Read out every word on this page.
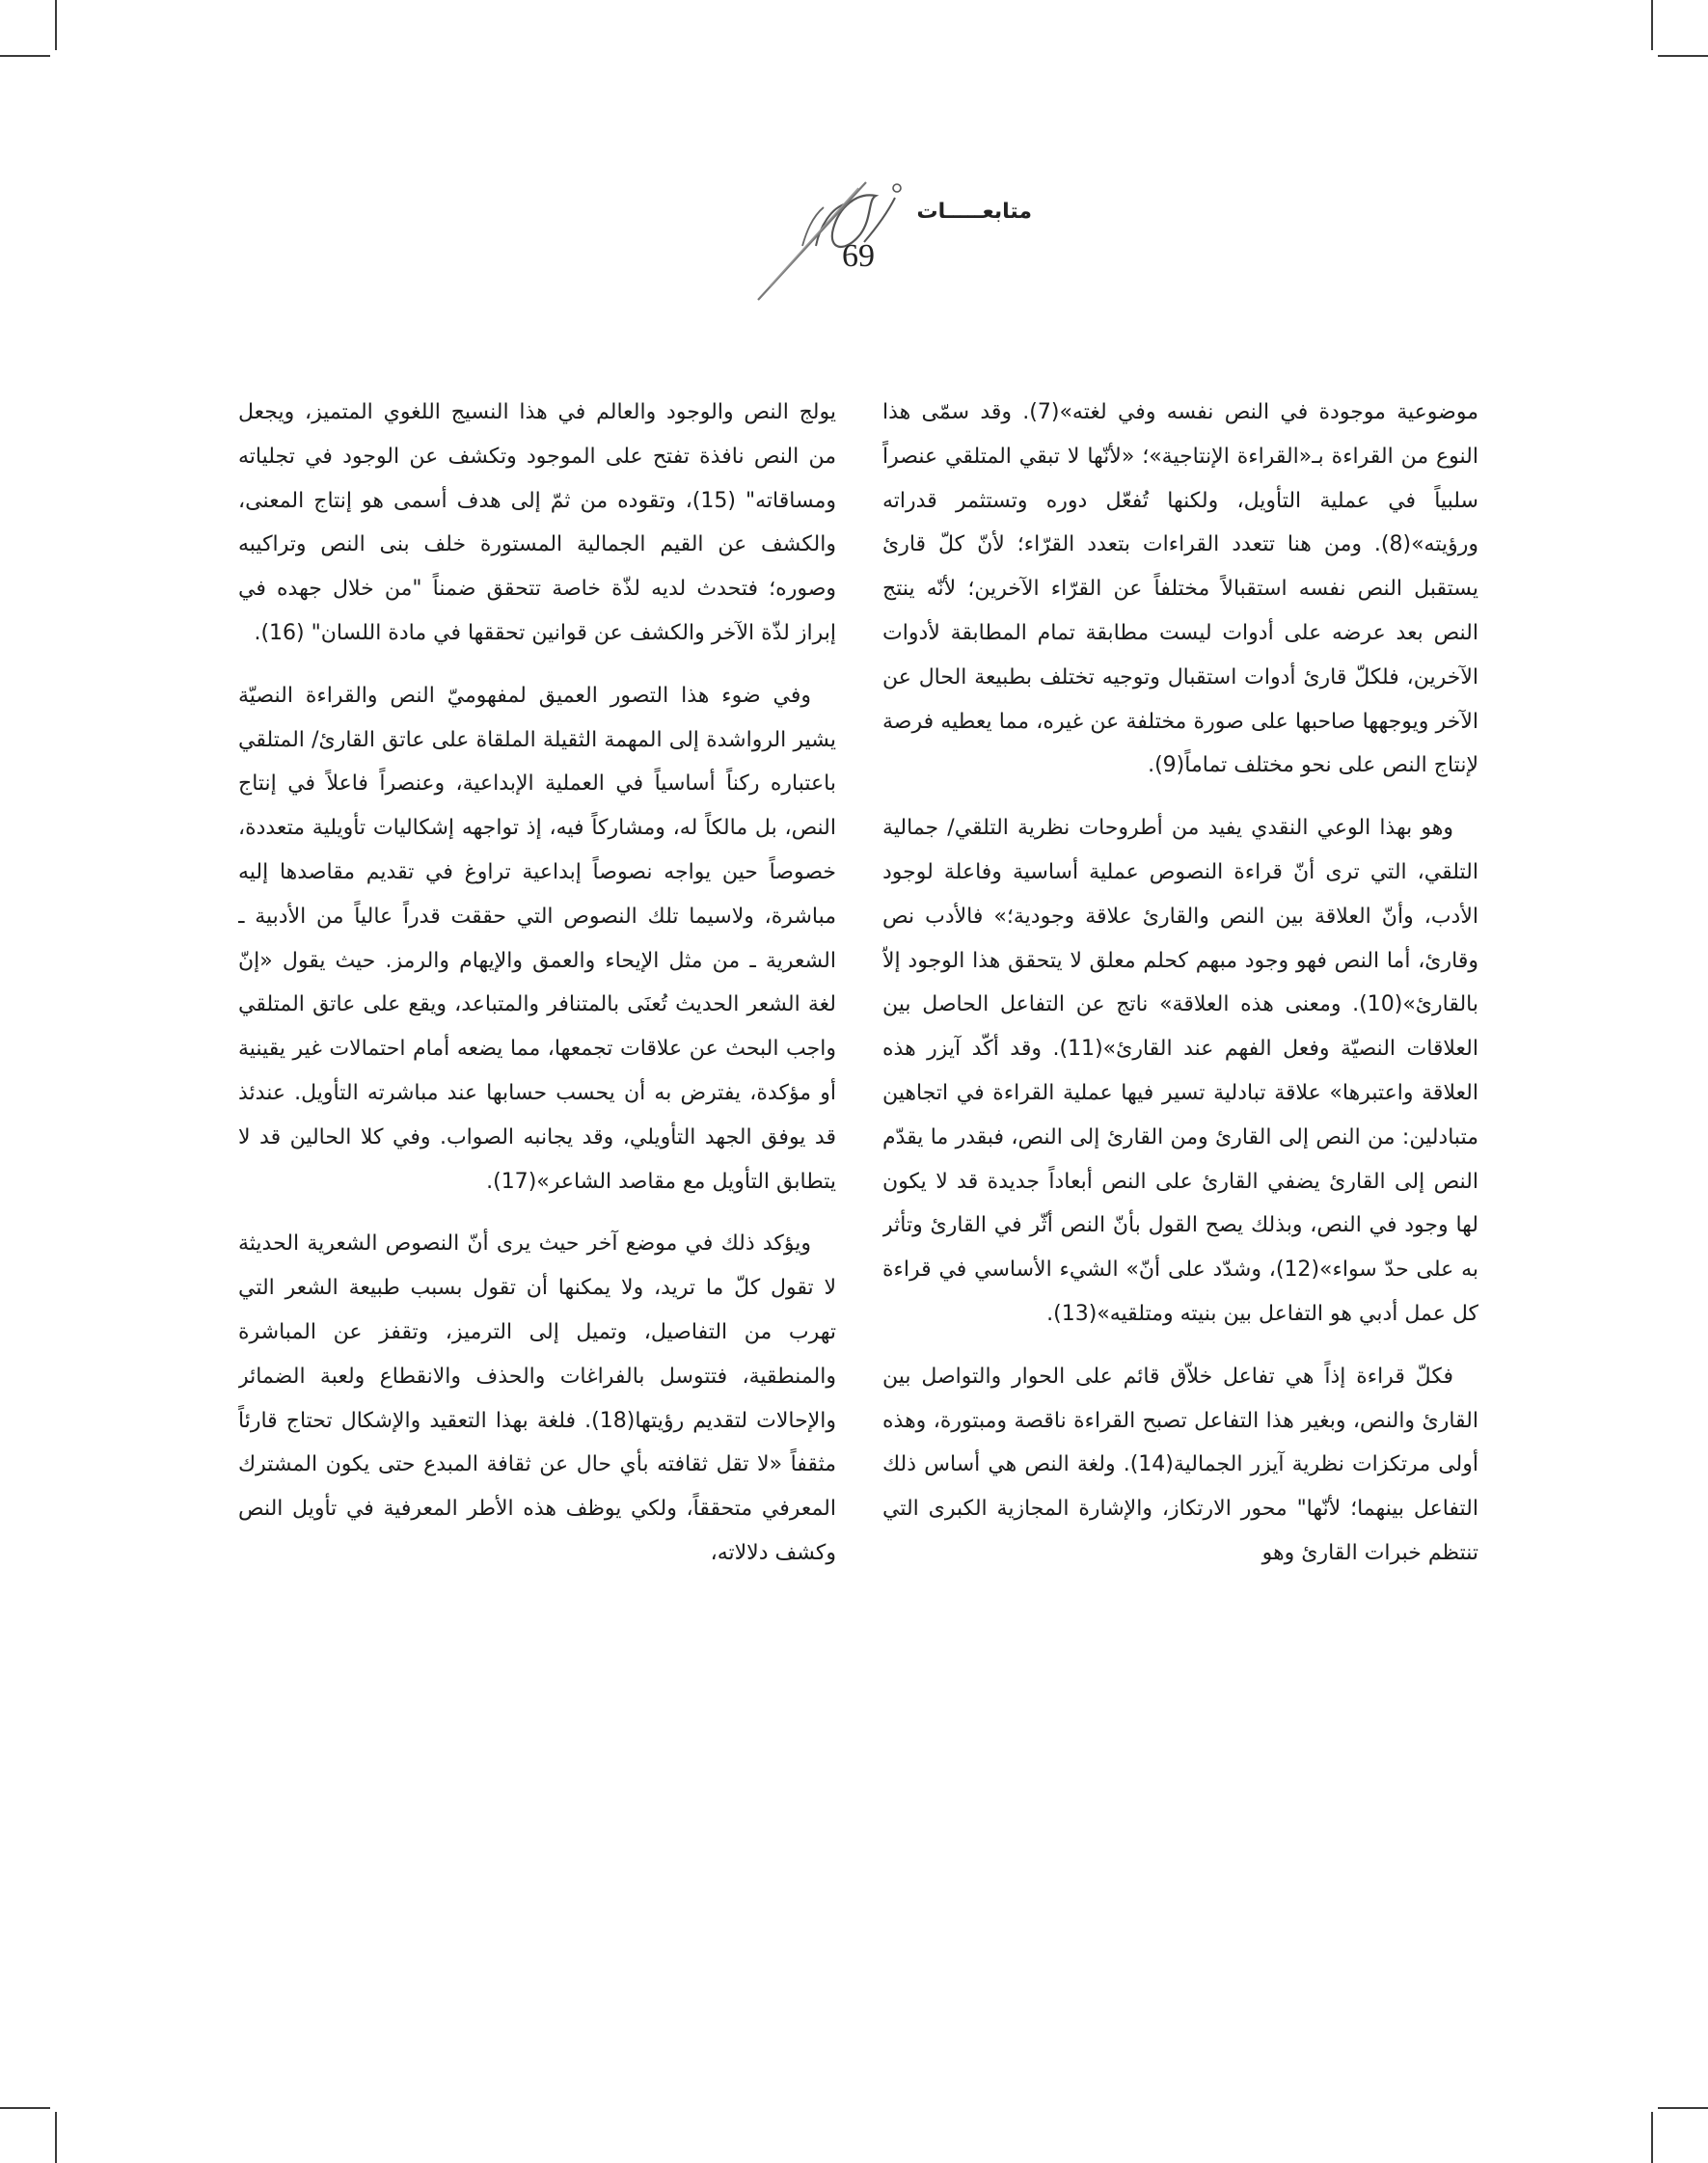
متابعـــــات
69

موضوعية موجودة في النص نفسه وفي لغته»(7). وقد سمّى هذا النوع من القراءة بـ«القراءة الإنتاجية»؛ «لأنّها لا تبقي المتلقي عنصراً سلبياً في عملية التأويل، ولكنها تُفعّل دوره وتستثمر قدراته ورؤيته»(8). ومن هنا تتعدد القراءات بتعدد القرّاء؛ لأنّ كلّ قارئ يستقبل النص نفسه استقبالاً مختلفاً عن القرّاء الآخرين؛ لأنّه ينتج النص بعد عرضه على أدوات ليست مطابقة تمام المطابقة لأدوات الآخرين، فلكلّ قارئ أدوات استقبال وتوجيه تختلف بطبيعة الحال عن الآخر ويوجهها صاحبها على صورة مختلفة عن غيره، مما يعطيه فرصة لإنتاج النص على نحو مختلف تماماً(9).

وهو بهذا الوعي النقدي يفيد من أطروحات نظرية التلقي/ جمالية التلقي، التي ترى أنّ قراءة النصوص عملية أساسية وفاعلة لوجود الأدب، وأنّ العلاقة بين النص والقارئ علاقة وجودية؛» فالأدب نص وقارئ، أما النص فهو وجود مبهم كحلم معلق لا يتحقق هذا الوجود إلاّ بالقارئ»(10). ومعنى هذه العلاقة» ناتج عن التفاعل الحاصل بين العلاقات النصيّة وفعل الفهم عند القارئ»(11). وقد أكّد آيزر هذه العلاقة واعتبرها» علاقة تبادلية تسير فيها عملية القراءة في اتجاهين متبادلين: من النص إلى القارئ ومن القارئ إلى النص، فبقدر ما يقدّم النص إلى القارئ يضفي القارئ على النص أبعاداً جديدة قد لا يكون لها وجود في النص، وبذلك يصح القول بأنّ النص أثّر في القارئ وتأثر به على حدّ سواء»(12)، وشدّد على أنّ» الشيء الأساسي في قراءة كل عمل أدبي هو التفاعل بين بنيته ومتلقيه»(13).

فكلّ قراءة إذاً هي تفاعل خلاّق قائم على الحوار والتواصل بين القارئ والنص، وبغير هذا التفاعل تصبح القراءة ناقصة ومبتورة، وهذه أولى مرتكزات نظرية آيزر الجمالية(14). ولغة النص هي أساس ذلك التفاعل بينهما؛ لأنّها" محور الارتكاز، والإشارة المجازية الكبرى التي تنتظم خبرات القارئ وهو

يولج النص والوجود والعالم في هذا النسيج اللغوي المتميز، ويجعل من النص نافذة تفتح على الموجود وتكشف عن الوجود في تجلياته ومساقاته" (15)، وتقوده من ثمّ إلى هدف أسمى هو إنتاج المعنى، والكشف عن القيم الجمالية المستورة خلف بنى النص وتراكيبه وصوره؛ فتحدث لديه لذّة خاصة تتحقق ضمناً "من خلال جهده في إبراز لذّة الآخر والكشف عن قوانين تحققها في مادة اللسان" (16).

وفي ضوء هذا التصور العميق لمفهوميّ النص والقراءة النصيّة يشير الرواشدة إلى المهمة الثقيلة الملقاة على عاتق القارئ/ المتلقي باعتباره ركناً أساسياً في العملية الإبداعية، وعنصراً فاعلاً في إنتاج النص، بل مالكاً له، ومشاركاً فيه، إذ تواجهه إشكاليات تأويلية متعددة، خصوصاً حين يواجه نصوصاً إبداعية تراوغ في تقديم مقاصدها إليه مباشرة، ولاسيما تلك النصوص التي حققت قدراً عالياً من الأدبية ـ الشعرية ـ من مثل الإيحاء والعمق والإيهام والرمز. حيث يقول «إنّ لغة الشعر الحديث تُعنَى بالمتنافر والمتباعد، ويقع على عاتق المتلقي واجب البحث عن علاقات تجمعها، مما يضعه أمام احتمالات غير يقينية أو مؤكدة، يفترض به أن يحسب حسابها عند مباشرته التأويل. عندئذ قد يوفق الجهد التأويلي، وقد يجانبه الصواب. وفي كلا الحالين قد لا يتطابق التأويل مع مقاصد الشاعر»(17).

ويؤكد ذلك في موضع آخر حيث يرى أنّ النصوص الشعرية الحديثة لا تقول كلّ ما تريد، ولا يمكنها أن تقول بسبب طبيعة الشعر التي تهرب من التفاصيل، وتميل إلى الترميز، وتقفز عن المباشرة والمنطقية، فتتوسل بالفراغات والحذف والانقطاع ولعبة الضمائر والإحالات لتقديم رؤيتها(18). فلغة بهذا التعقيد والإشكال تحتاج قارئاً مثقفاً «لا تقل ثقافته بأي حال عن ثقافة المبدع حتى يكون المشترك المعرفي متحققاً، ولكي يوظف هذه الأطر المعرفية في تأويل النص وكشف دلالاته،
